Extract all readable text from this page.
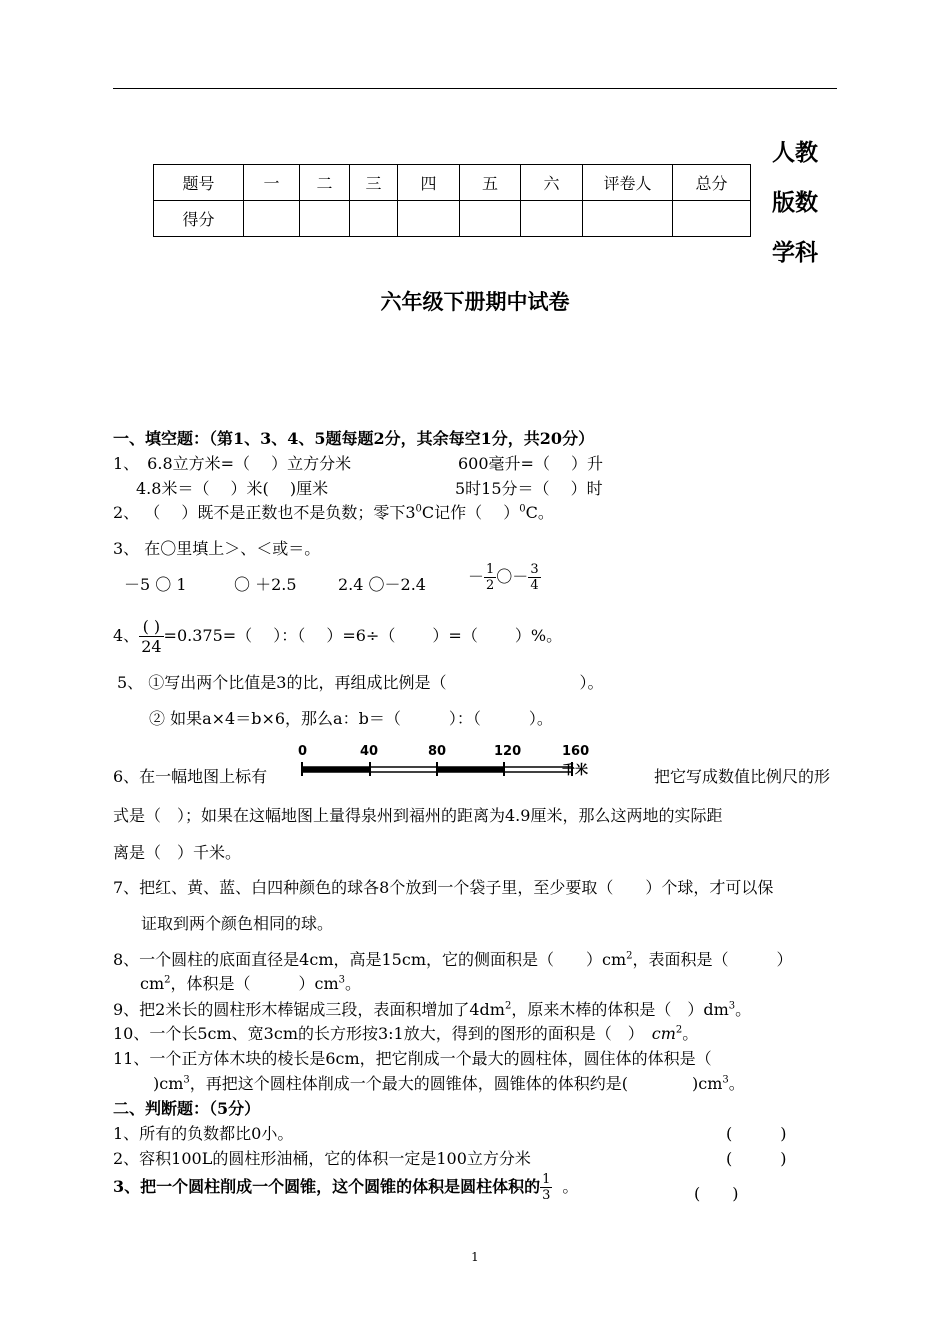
题号	一	二	三	四	五	六	评卷人	总分
得分								
人教
版数
学科
六年级下册期中试卷
一、填空题：（第1、3、4、5题每题2分，其余每空1分，共20分）
1、　6.8立方米=（　 ）立方分米	600毫升=（　 ）升
4.8米＝（　 ）米(　 )厘米	5时15分＝（　 ）时
2、 （　 ）既不是正数也不是负数；零下$3^0C$记作（　 ）$^0$C。
3、 在〇里填上＞、＜或＝。
－5 〇 1	〇 ＋2.5	2.4 〇－2.4	－ $\frac{1}{2}$ 〇－ $\frac{3}{4}$
4、 $\frac{( )}{24} =0.375=$（　 ）：（　 ）=6÷（　　 ）=（　　 ）%。
5、 ①写出两个比值是3的比，再组成比例是（　　　　　　　　 ）。
② 如果a×4＝b×6，那么a：b＝（　　　）：（　　　）。
0	40	80	120	160千米
6、在一幅地图上标有	把它写成数值比例尺的形
式是（　）；如果在这幅地图上量得泉州到福州的距离为4.9厘米，那么这两地的实际距
离是（　）千米。
7、把红、黄、蓝、白四种颜色的球各8个放到一个袋子里，至少要取（　　）个球，才可以保
证取到两个颜色相同的球。
8、一个圆柱的底面直径是4cm，高是15cm，它的侧面积是（　　）$cm^2$，表面积是（　　　）
$cm^2$，体积是（　　　）$cm^3$。
9、把2米长的圆柱形木棒锯成三段，表面积增加了$4dm^2$，原来木棒的体积是（　）$dm^3$。
10、一个长5cm、宽3cm的长方形按3:1放大，得到的图形的面积是（　） $cm^2$。
11、一个正方体木块的棱长是6cm，把它削成一个最大的圆柱体，圆住体的体积是（
)$cm^3$，再把这个圆柱体削成一个最大的圆锥体，圆锥体的体积约是(　　　　)$cm^3$。
二、判断题：（5分）
1、所有的负数都比0小。	(　　　)
2、容积100L的圆柱形油桶，它的体积一定是100立方分米	(　　　)
3、把一个圆柱削成一个圆锥，这个圆锥的体积是圆柱体积的 $\frac{1}{3}$ 。	(　　)
1
